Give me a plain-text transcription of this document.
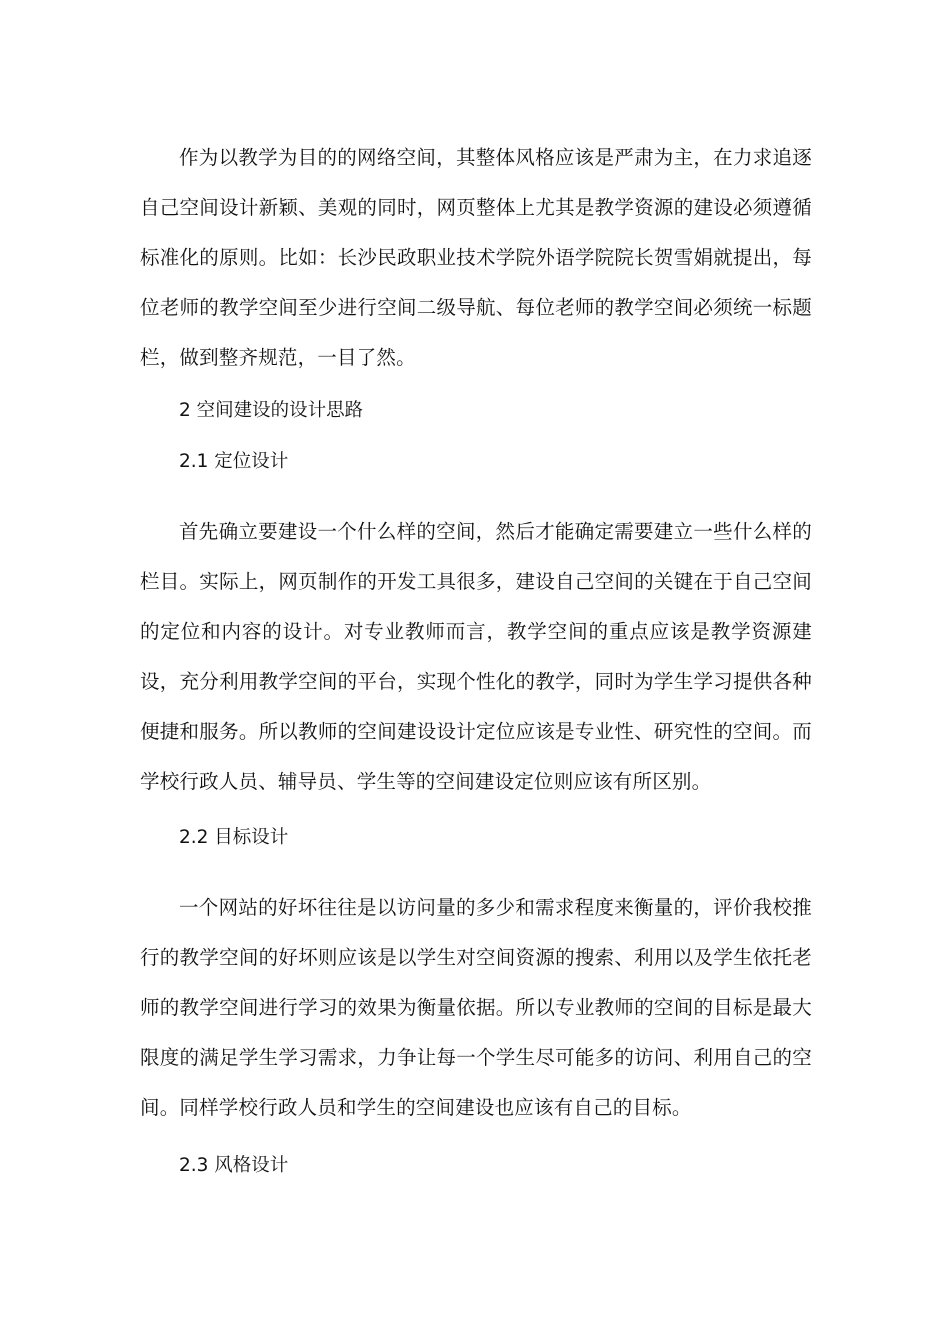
作为以教学为目的的网络空间，其整体风格应该是严肃为主，在力求追逐自己空间设计新颖、美观的同时，网页整体上尤其是教学资源的建设必须遵循标准化的原则。比如：长沙民政职业技术学院外语学院院长贺雪娟就提出，每位老师的教学空间至少进行空间二级导航、每位老师的教学空间必须统一标题栏，做到整齐规范，一目了然。

2 空间建设的设计思路

2.1 定位设计

首先确立要建设一个什么样的空间，然后才能确定需要建立一些什么样的栏目。实际上，网页制作的开发工具很多，建设自己空间的关键在于自己空间的定位和内容的设计。对专业教师而言，教学空间的重点应该是教学资源建设，充分利用教学空间的平台，实现个性化的教学，同时为学生学习提供各种便捷和服务。所以教师的空间建设设计定位应该是专业性、研究性的空间。而学校行政人员、辅导员、学生等的空间建设定位则应该有所区别。

2.2 目标设计

一个网站的好坏往往是以访问量的多少和需求程度来衡量的，评价我校推行的教学空间的好坏则应该是以学生对空间资源的搜索、利用以及学生依托老师的教学空间进行学习的效果为衡量依据。所以专业教师的空间的目标是最大限度的满足学生学习需求，力争让每一个学生尽可能多的访问、利用自己的空间。同样学校行政人员和学生的空间建设也应该有自己的目标。

2.3 风格设计
